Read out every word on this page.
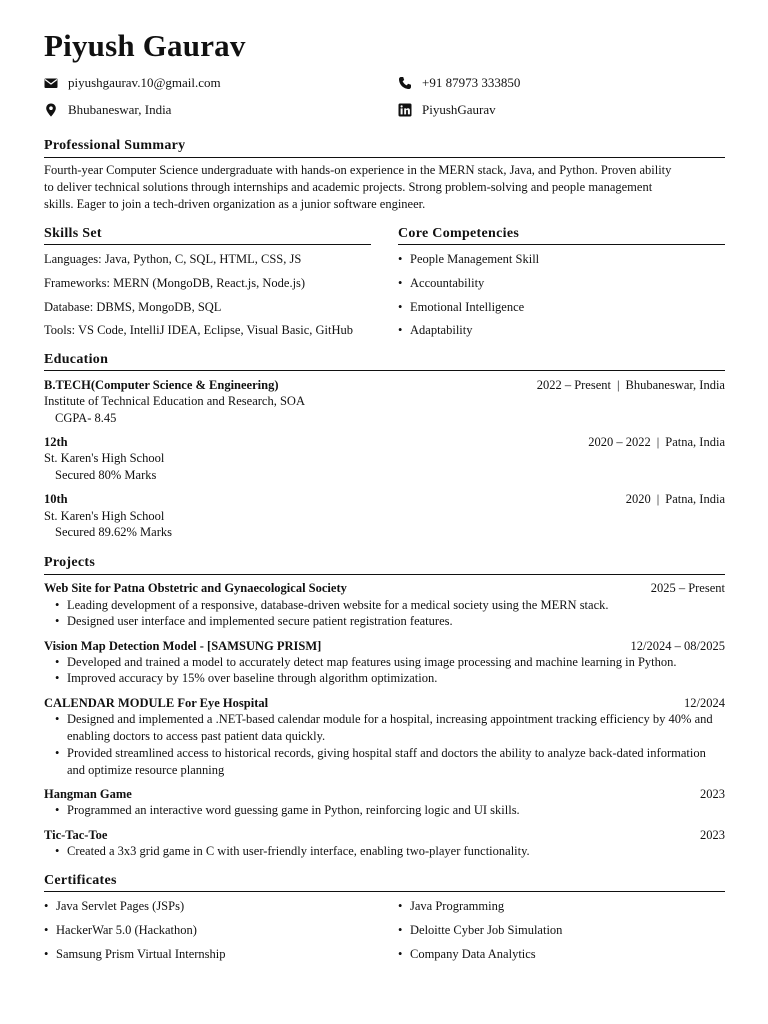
Piyush Gaurav
piyushgaurav.10@gmail.com	+91 87973 333850
Bhubaneswar, India	PiyushGaurav
Professional Summary
Fourth-year Computer Science undergraduate with hands-on experience in the MERN stack, Java, and Python. Proven ability
to deliver technical solutions through internships and academic projects. Strong problem-solving and people management
skills. Eager to join a tech-driven organization as a junior software engineer.
Skills Set
Languages: Java, Python, C, SQL, HTML, CSS, JS
Frameworks: MERN (MongoDB, React.js, Node.js)
Database: DBMS, MongoDB, SQL
Tools: VS Code, IntelliJ IDEA, Eclipse, Visual Basic, GitHub
Core Competencies
• People Management Skill
• Accountability
• Emotional Intelligence
• Adaptability
Education
B.TECH(Computer Science & Engineering)	2022 – Present | Bhubaneswar, India
Institute of Technical Education and Research, SOA
CGPA- 8.45
12th	2020 – 2022 | Patna, India
St. Karen's High School
Secured 80% Marks
10th	2020 | Patna, India
St. Karen's High School
Secured 89.62% Marks
Projects
Web Site for Patna Obstetric and Gynaecological Society	2025 – Present
• Leading development of a responsive, database-driven website for a medical society using the MERN stack.
• Designed user interface and implemented secure patient registration features.
Vision Map Detection Model - [SAMSUNG PRISM]	12/2024 – 08/2025
• Developed and trained a model to accurately detect map features using image processing and machine learning in Python.
• Improved accuracy by 15% over baseline through algorithm optimization.
CALENDAR MODULE For Eye Hospital	12/2024
• Designed and implemented a .NET-based calendar module for a hospital, increasing appointment tracking efficiency by 40% and enabling doctors to access past patient data quickly.
• Provided streamlined access to historical records, giving hospital staff and doctors the ability to analyze back-dated information and optimize resource planning
Hangman Game	2023
• Programmed an interactive word guessing game in Python, reinforcing logic and UI skills.
Tic-Tac-Toe	2023
• Created a 3x3 grid game in C with user-friendly interface, enabling two-player functionality.
Certificates
• Java Servlet Pages (JSPs)
• HackerWar 5.0 (Hackathon)
• Samsung Prism Virtual Internship
• Java Programming
• Deloitte Cyber Job Simulation
• Company Data Analytics
